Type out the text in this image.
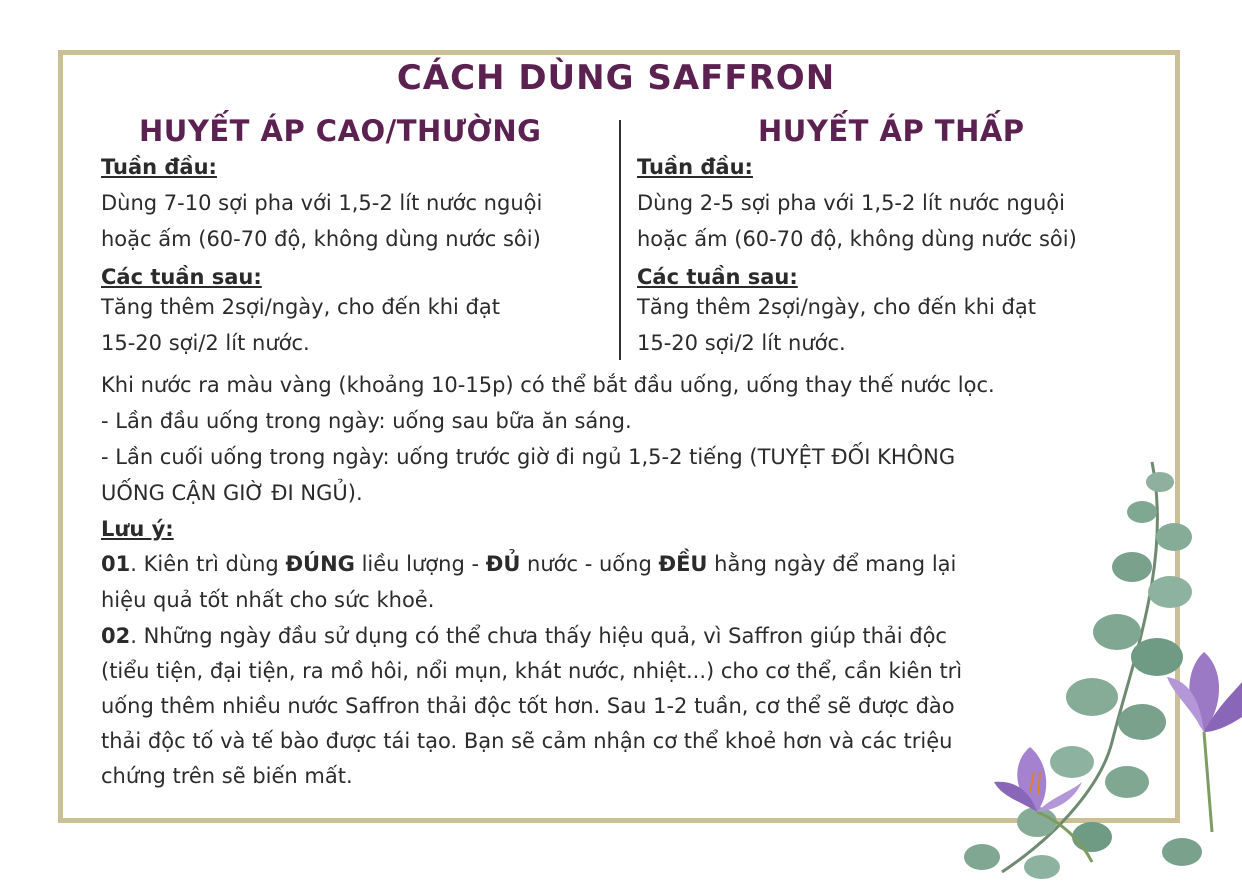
CÁCH DÙNG SAFFRON
HUYẾT ÁP CAO/THƯỜNG	HUYẾT ÁP THẤP
Tuần đầu:
Dùng 7-10 sợi pha với 1,5-2 lít nước nguội
hoặc ấm (60-70 độ, không dùng nước sôi)
Các tuần sau:
Tăng thêm 2sợi/ngày, cho đến khi đạt
15-20 sợi/2 lít nước.
Tuần đầu:
Dùng 2-5 sợi pha với 1,5-2 lít nước nguội
hoặc ấm (60-70 độ, không dùng nước sôi)
Các tuần sau:
Tăng thêm 2sợi/ngày, cho đến khi đạt
15-20 sợi/2 lít nước.
Khi nước ra màu vàng (khoảng 10-15p) có thể bắt đầu uống, uống thay thế nước lọc.
- Lần đầu uống trong ngày: uống sau bữa ăn sáng.
- Lần cuối uống trong ngày: uống trước giờ đi ngủ 1,5-2 tiếng (TUYỆT ĐỐI KHÔNG
UỐNG CẬN GIỜ ĐI NGỦ).
Lưu ý:
01. Kiên trì dùng ĐÚNG liều lượng - ĐỦ nước - uống ĐỀU hằng ngày để mang lại
hiệu quả tốt nhất cho sức khoẻ.
02. Những ngày đầu sử dụng có thể chưa thấy hiệu quả, vì Saffron giúp thải độc
(tiểu tiện, đại tiện, ra mồ hôi, nổi mụn, khát nước, nhiệt...) cho cơ thể, cần kiên trì
uống thêm nhiều nước Saffron thải độc tốt hơn. Sau 1-2 tuần, cơ thể sẽ được đào
thải độc tố và tế bào được tái tạo. Bạn sẽ cảm nhận cơ thể khoẻ hơn và các triệu
chứng trên sẽ biến mất.
